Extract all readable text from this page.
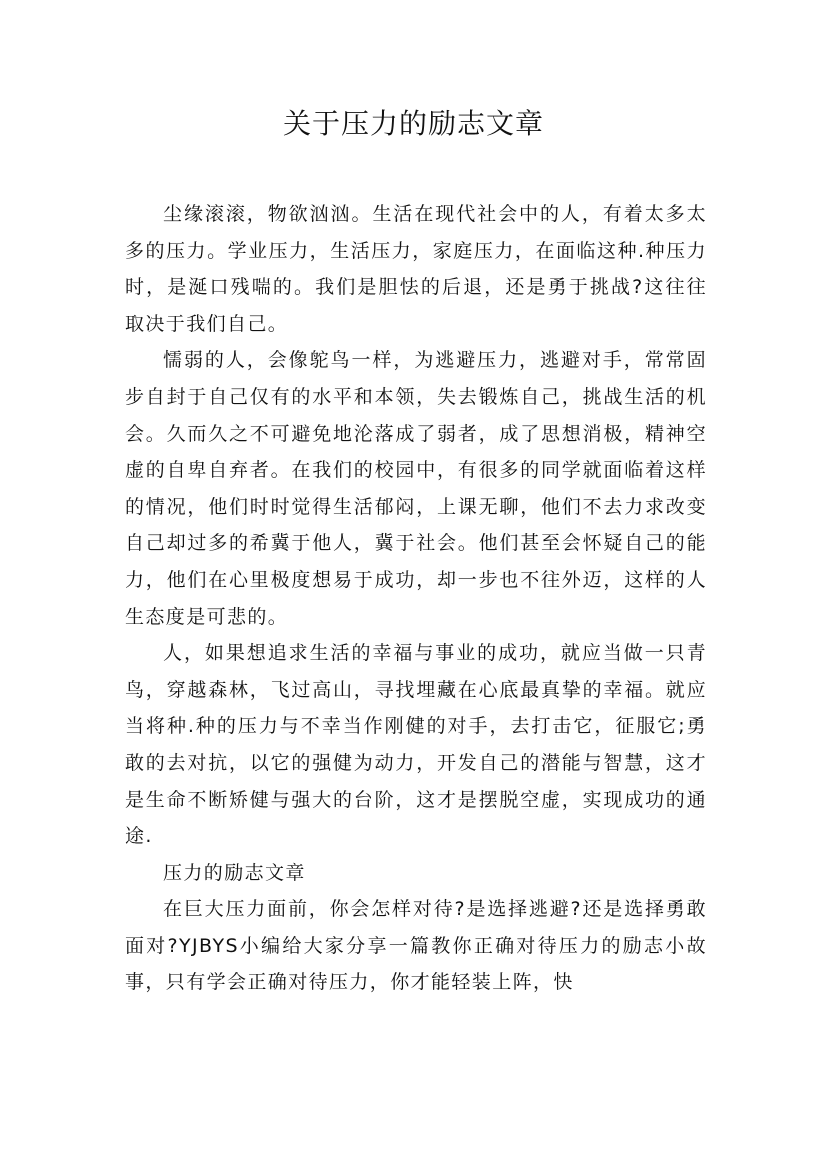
关于压力的励志文章

尘缘滚滚，物欲汹汹。生活在现代社会中的人，有着太多太多的压力。学业压力，生活压力，家庭压力，在面临这种.种压力时，是涎口残喘的。我们是胆怯的后退，还是勇于挑战?这往往取决于我们自己。

懦弱的人，会像鸵鸟一样，为逃避压力，逃避对手，常常固步自封于自己仅有的水平和本领，失去锻炼自己，挑战生活的机会。久而久之不可避免地沦落成了弱者，成了思想消极，精神空虚的自卑自弃者。在我们的校园中，有很多的同学就面临着这样的情况，他们时时觉得生活郁闷，上课无聊，他们不去力求改变自己却过多的希冀于他人，冀于社会。他们甚至会怀疑自己的能力，他们在心里极度想易于成功，却一步也不往外迈，这样的人生态度是可悲的。

人，如果想追求生活的幸福与事业的成功，就应当做一只青鸟，穿越森林，飞过高山，寻找埋藏在心底最真挚的幸福。就应当将种.种的压力与不幸当作刚健的对手，去打击它，征服它;勇敢的去对抗，以它的强健为动力，开发自己的潜能与智慧，这才是生命不断矫健与强大的台阶，这才是摆脱空虚，实现成功的通途.

压力的励志文章

在巨大压力面前，你会怎样对待?是选择逃避?还是选择勇敢面对?YJBYS小编给大家分享一篇教你正确对待压力的励志小故事，只有学会正确对待压力，你才能轻装上阵，快
